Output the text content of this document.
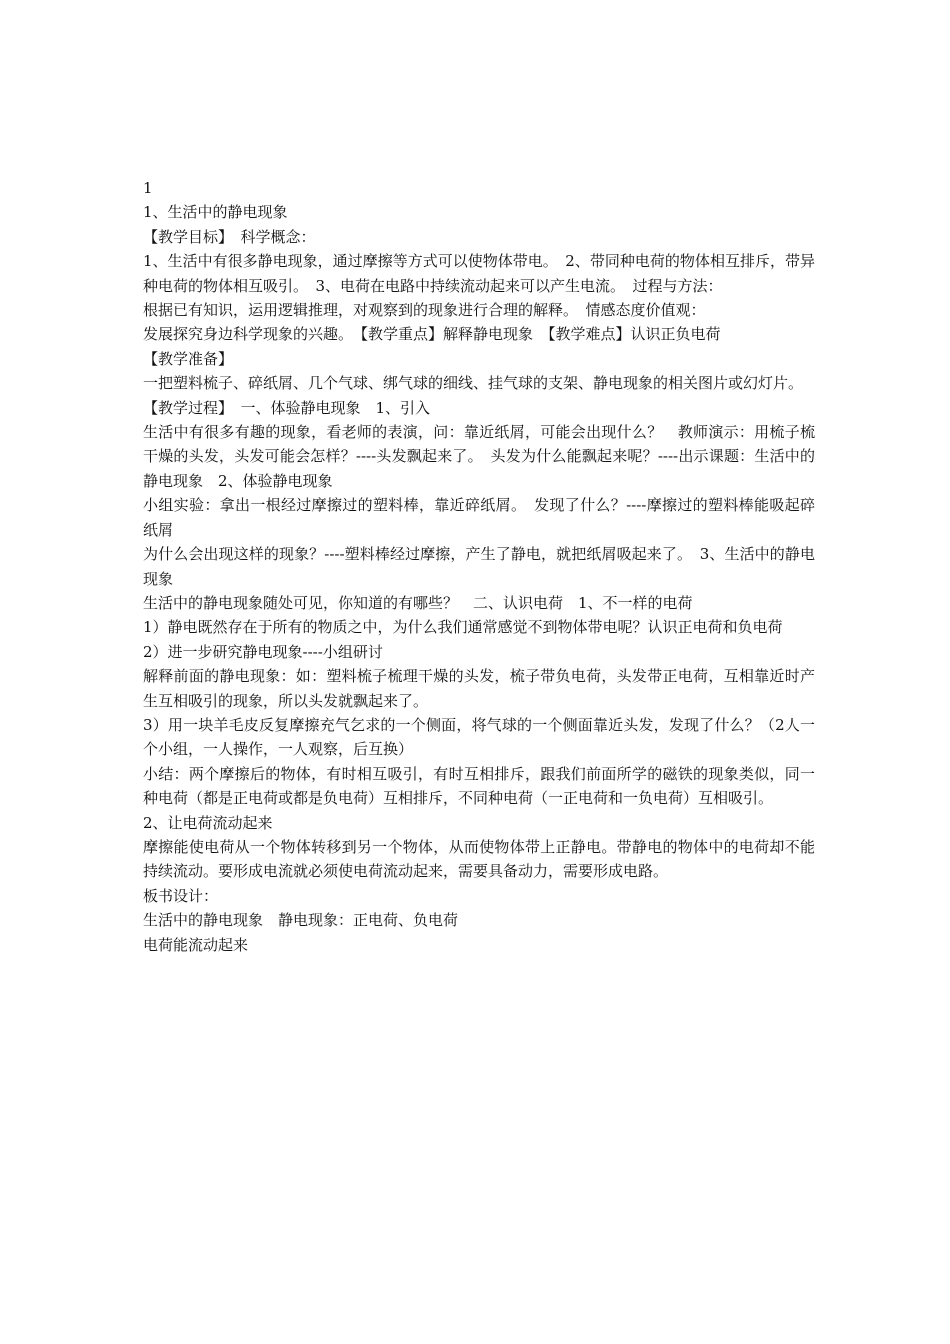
1

1、生活中的静电现象

【教学目标】　科学概念：

1、生活中有很多静电现象，通过摩擦等方式可以使物体带电。　2、带同种电荷的物体相互排斥，带异种电荷的物体相互吸引。　3、电荷在电路中持续流动起来可以产生电流。　过程与方法：

根据已有知识，运用逻辑推理，对观察到的现象进行合理的解释。　情感态度价值观：

发展探究身边科学现象的兴趣。　【教学重点】解释静电现象　【教学难点】认识正负电荷

【教学准备】

一把塑料梳子、碎纸屑、几个气球、绑气球的细线、挂气球的支架、静电现象的相关图片或幻灯片。

【教学过程】　一、体验静电现象　1、引入

生活中有很多有趣的现象，看老师的表演，问：靠近纸屑，可能会出现什么？　教师演示：用梳子梳干燥的头发，头发可能会怎样？----头发飘起来了。　头发为什么能飘起来呢？----出示课题：生活中的静电现象　2、体验静电现象

小组实验：拿出一根经过摩擦过的塑料棒，靠近碎纸屑。　发现了什么？----摩擦过的塑料棒能吸起碎纸屑

为什么会出现这样的现象？----塑料棒经过摩擦，产生了静电，就把纸屑吸起来了。　3、生活中的静电现象

生活中的静电现象随处可见，你知道的有哪些？　二、认识电荷　1、不一样的电荷

1）静电既然存在于所有的物质之中，为什么我们通常感觉不到物体带电呢？认识正电荷和负电荷

2）进一步研究静电现象----小组研讨

解释前面的静电现象：如：塑料梳子梳理干燥的头发，梳子带负电荷，头发带正电荷，互相靠近时产生互相吸引的现象，所以头发就飘起来了。

3）用一块羊毛皮反复摩擦充气乞求的一个侧面，将气球的一个侧面靠近头发，发现了什么？（2人一个小组，一人操作，一人观察，后互换）

小结：两个摩擦后的物体，有时相互吸引，有时互相排斥，跟我们前面所学的磁铁的现象类似，同一种电荷（都是正电荷或都是负电荷）互相排斥，不同种电荷（一正电荷和一负电荷）互相吸引。

2、让电荷流动起来

摩擦能使电荷从一个物体转移到另一个物体，从而使物体带上正静电。带静电的物体中的电荷却不能持续流动。要形成电流就必须使电荷流动起来，需要具备动力，需要形成电路。

板书设计：

生活中的静电现象　静电现象：正电荷、负电荷

电荷能流动起来
